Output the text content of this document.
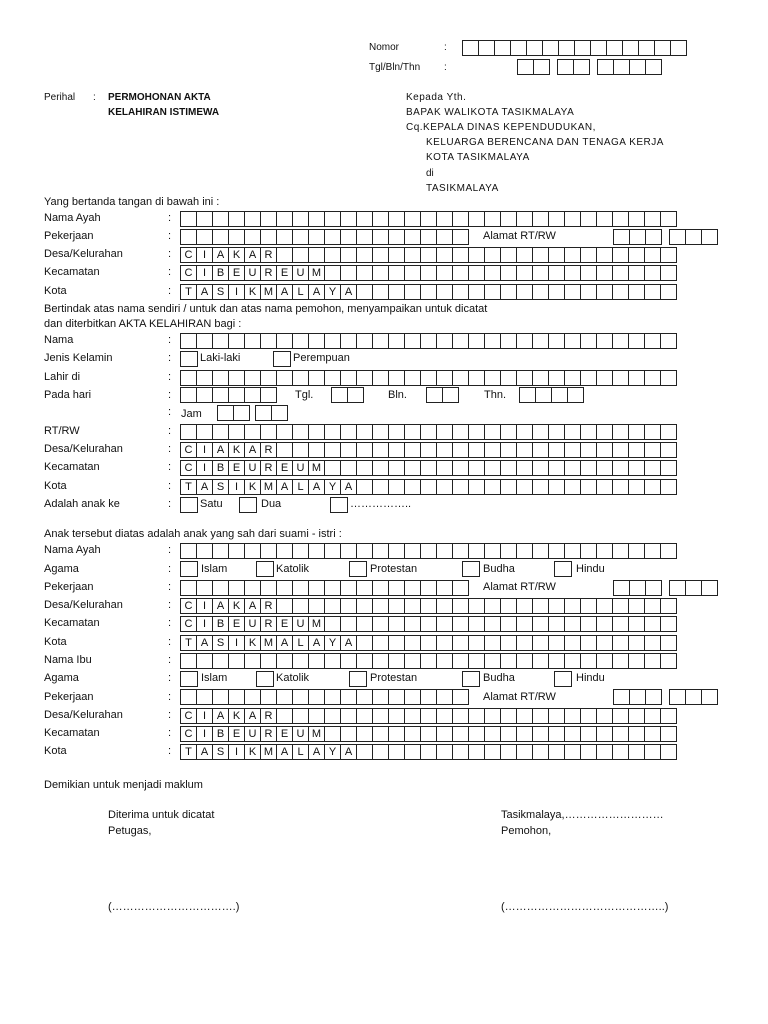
Nomor	:
Tgl/Bln/Thn :
Perihal : PERMOHONAN AKTA
KELAHIRAN ISTIMEWA
Kepada Yth.
BAPAK WALIKOTA TASIKMALAYA
Cq.KEPALA DINAS KEPENDUDUKAN,
KELUARGA BERENCANA DAN TENAGA KERJA
KOTA TASIKMALAYA
di
TASIKMALAYA
Yang bertanda tangan di bawah ini :
Nama Ayah	:
Pekerjaan	:	Alamat RT/RW
Desa/Kelurahan	:	C I A K A R
Kecamatan	:	C I B E U R E U M
Kota	:	T A S I K M A L A Y A
Bertindak atas nama sendiri / untuk dan atas nama pemohon, menyampaikan untuk dicatat
dan diterbitkan AKTA KELAHIRAN bagi :
Nama	:
Jenis Kelamin	:	Laki-laki	Perempuan
Lahir di	:
Pada hari	:	Tgl.	Bln.	Thn.
: Jam
RT/RW	:
Desa/Kelurahan	:	C I A K A R
Kecamatan	:	C I B E U R E U M
Kota	:	T A S I K M A L A Y A
Adalah anak ke	:	Satu	Dua	……………..
Anak tersebut diatas adalah anak yang sah dari suami - istri :
Nama Ayah	:
Agama	:	Islam	Katolik	Protestan	Budha	Hindu
Pekerjaan	:	Alamat RT/RW
Desa/Kelurahan	:	C I A K A R
Kecamatan	:	C I B E U R E U M
Kota	:	T A S I K M A L A Y A
Nama Ibu	:
Agama	:	Islam	Katolik	Protestan	Budha	Hindu
Pekerjaan	:	Alamat RT/RW
Desa/Kelurahan	:	C I A K A R
Kecamatan	:	C I B E U R E U M
Kota	:	T A S I K M A L A Y A
Demikian untuk menjadi maklum
Diterima untuk dicatat
Petugas,
Tasikmalaya,………………………
Pemohon,
(…………………………….)	(……………………………………..)
